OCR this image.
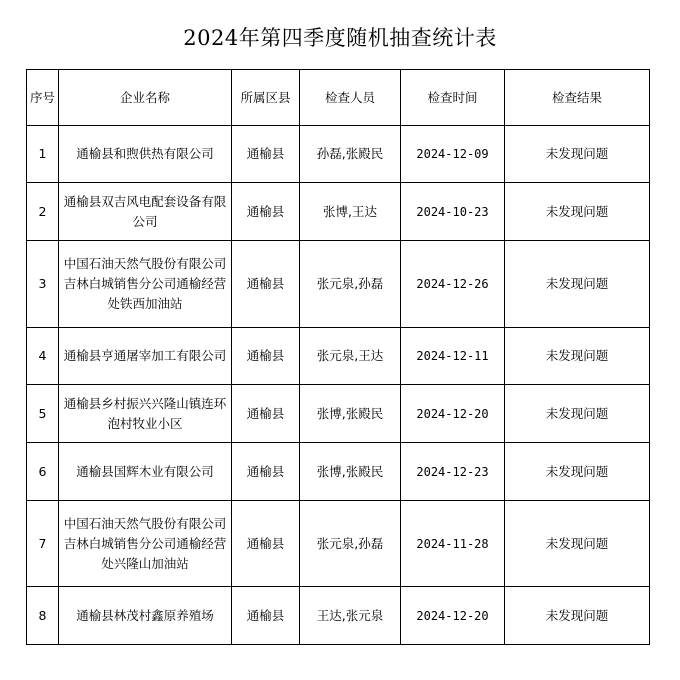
2024年第四季度随机抽查统计表
序号	企业名称	所属区县	检查人员	检查时间	检查结果
1	通榆县和煦供热有限公司	通榆县	孙磊,张殿民	2024-12-09	未发现问题
2	通榆县双吉风电配套设备有限公司	通榆县	张博,王达	2024-10-23	未发现问题
3	中国石油天然气股份有限公司吉林白城销售分公司通榆经营处铁西加油站	通榆县	张元泉,孙磊	2024-12-26	未发现问题
4	通榆县亨通屠宰加工有限公司	通榆县	张元泉,王达	2024-12-11	未发现问题
5	通榆县乡村振兴兴隆山镇连环泡村牧业小区	通榆县	张博,张殿民	2024-12-20	未发现问题
6	通榆县国辉木业有限公司	通榆县	张博,张殿民	2024-12-23	未发现问题
7	中国石油天然气股份有限公司吉林白城销售分公司通榆经营处兴隆山加油站	通榆县	张元泉,孙磊	2024-11-28	未发现问题
8	通榆县林茂村鑫原养殖场	通榆县	王达,张元泉	2024-12-20	未发现问题
